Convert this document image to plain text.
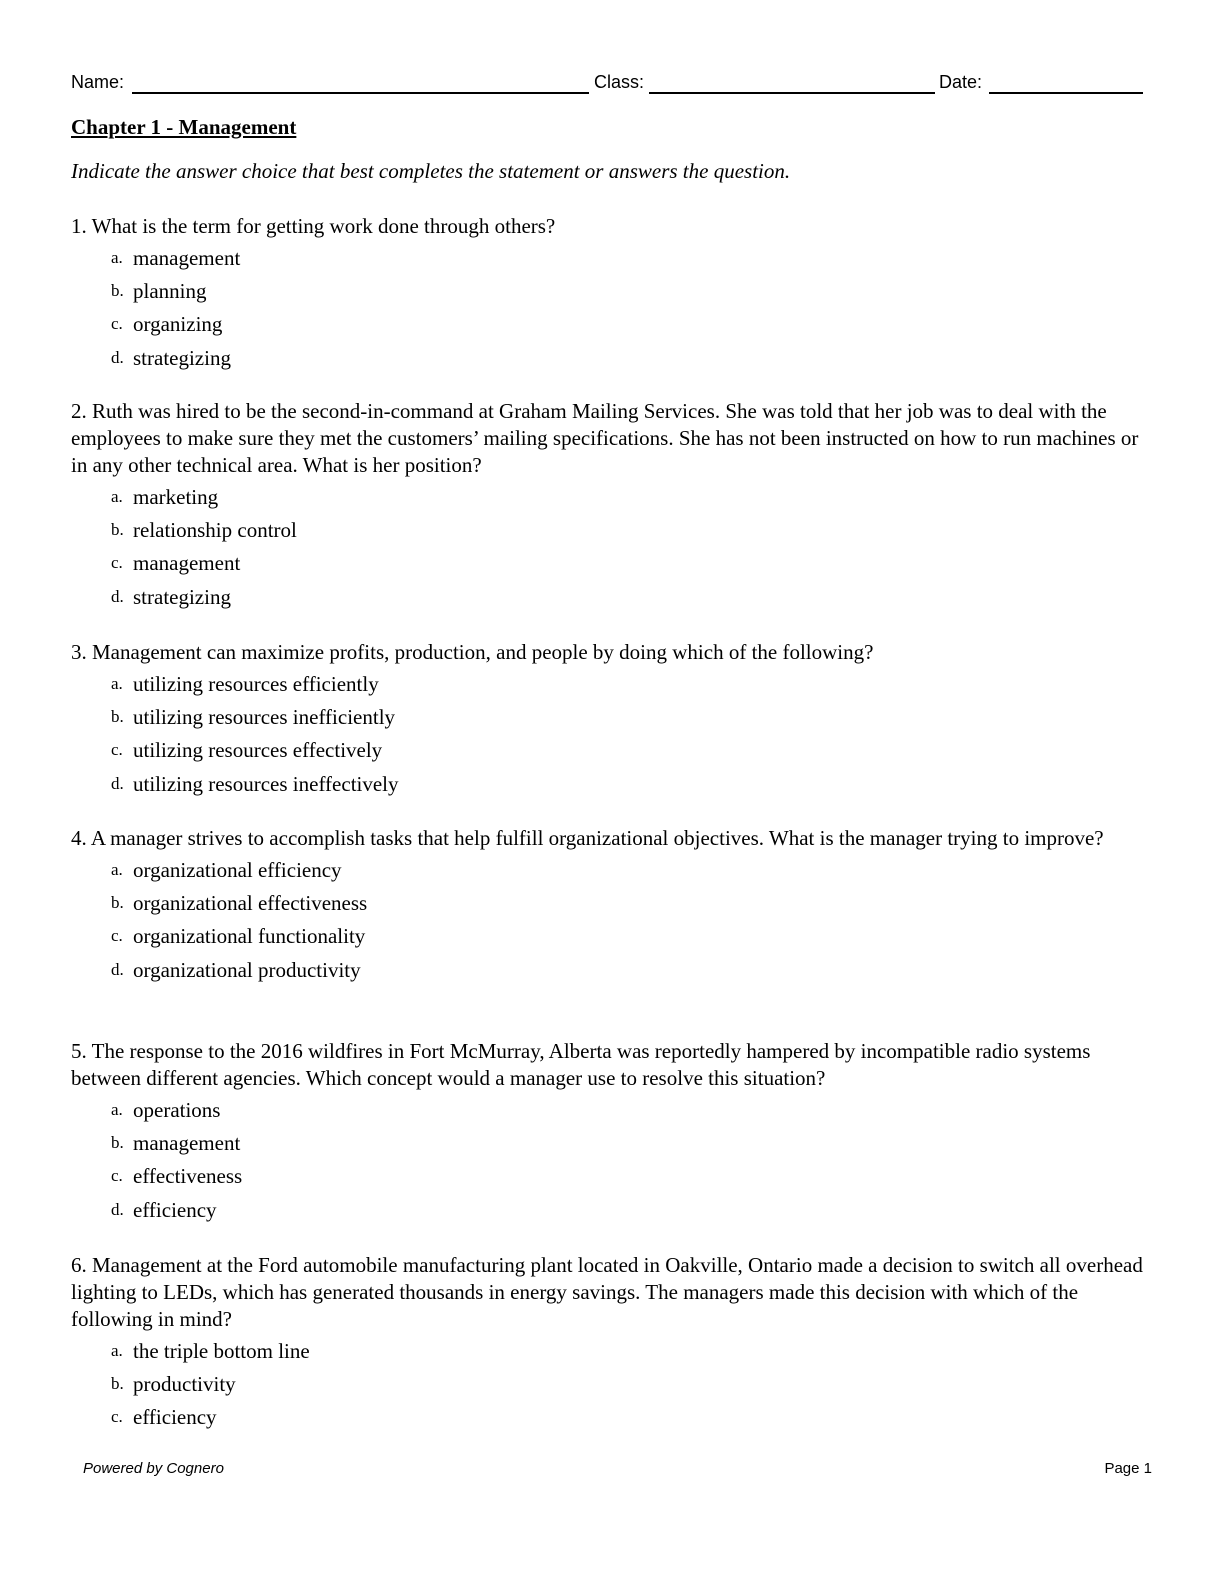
Name:	Class:	Date:
Chapter 1 - Management
Indicate the answer choice that best completes the statement or answers the question.

1. What is the term for getting work done through others?

a. management
b. planning
c. organizing
d. strategizing

2. Ruth was hired to be the second-in-command at Graham Mailing Services. She was told that her job was to deal with the employees to make sure they met the customers’ mailing specifications. She has not been instructed on how to run machines or in any other technical area. What is her position?

a. marketing
b. relationship control
c. management
d. strategizing

3. Management can maximize profits, production, and people by doing which of the following?

a. utilizing resources efficiently
b. utilizing resources inefficiently
c. utilizing resources effectively
d. utilizing resources ineffectively

4. A manager strives to accomplish tasks that help fulfill organizational objectives. What is the manager trying to improve?

a. organizational efficiency
b. organizational effectiveness
c. organizational functionality
d. organizational productivity

5. The response to the 2016 wildfires in Fort McMurray, Alberta was reportedly hampered by incompatible radio systems between different agencies. Which concept would a manager use to resolve this situation?

a. operations
b. management
c. effectiveness
d. efficiency

6. Management at the Ford automobile manufacturing plant located in Oakville, Ontario made a decision to switch all overhead lighting to LEDs, which has generated thousands in energy savings. The managers made this decision with which of the following in mind?

a. the triple bottom line
b. productivity
c. efficiency
Powered by Cognero	Page 1
